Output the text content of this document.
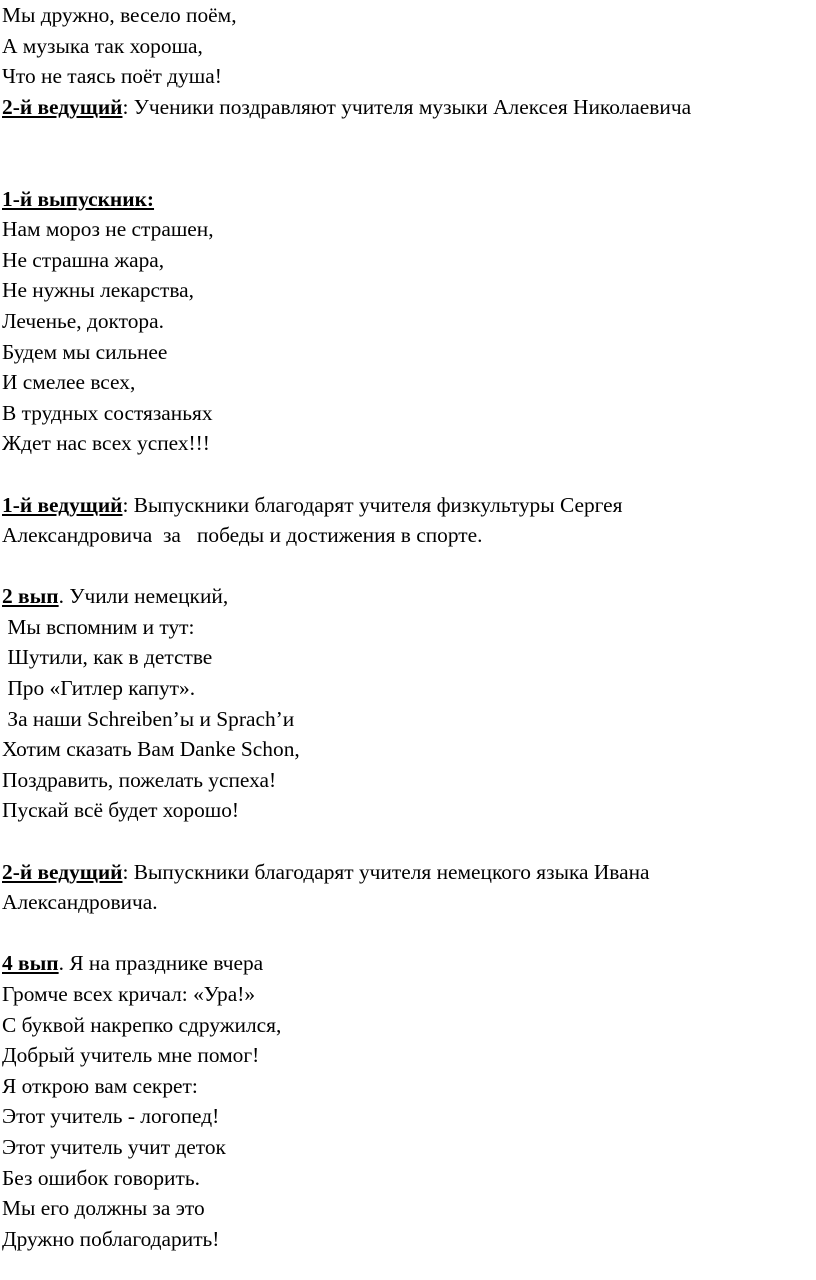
Мы дружно, весело поём,
А музыка так хороша,
Что не таясь поёт душа!
2-й ведущий: Ученики поздравляют учителя музыки Алексея Николаевича
1-й выпускник:
Нам мороз не страшен,
Не страшна жара,
Не нужны лекарства,
Леченье, доктора.
Будем мы сильнее
И смелее всех,
В трудных состязаньях
Ждет нас всех успех!!!
1-й ведущий: Выпускники благодарят учителя физкультуры Сергея
Александровича  за   победы и достижения в спорте.
2 вып. Учили немецкий,
Мы вспомним и тут:
Шутили, как в детстве
Про «Гитлер капут».
За наши Schreiben’ы и Sprach’и
Хотим сказать Вам Danke Schon,
Поздравить, пожелать успеха!
Пускай всё будет хорошо!
2-й ведущий: Выпускники благодарят учителя немецкого языка Ивана
Александровича.
4 вып. Я на празднике вчера
Громче всех кричал: «Ура!»
С буквой накрепко сдружился,
Добрый учитель мне помог!
Я открою вам секрет:
Этот учитель - логопед!
Этот учитель учит деток
Без ошибок говорить.
Мы его должны за это
Дружно поблагодарить!
